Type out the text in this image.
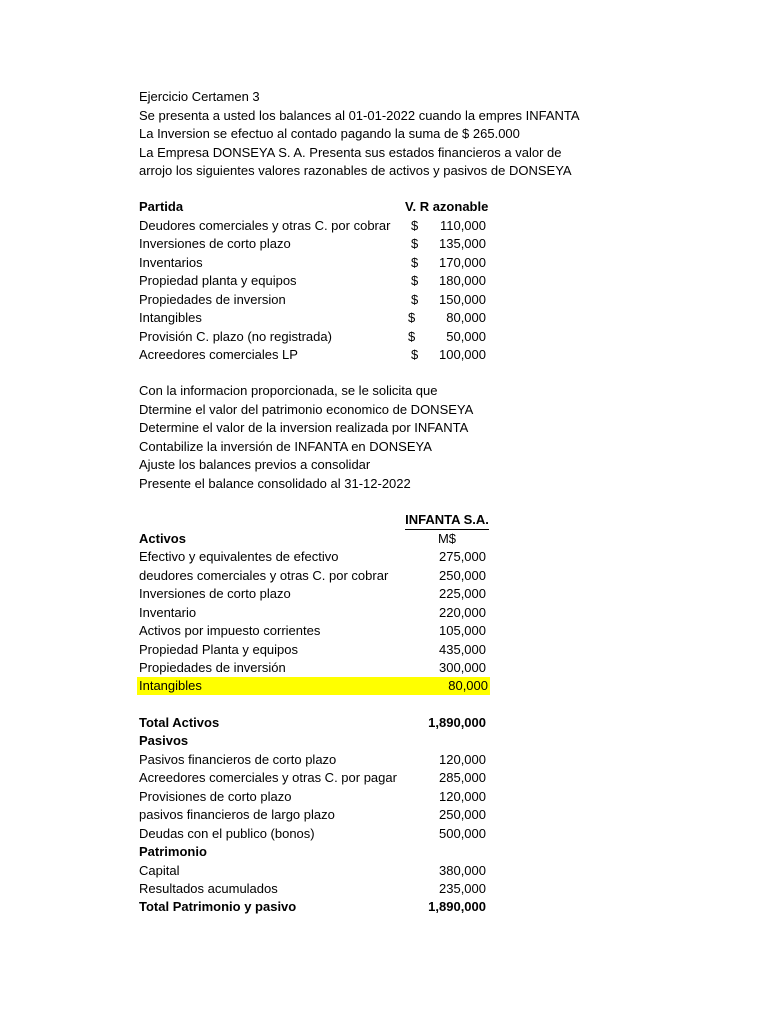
Ejercicio Certamen 3
Se presenta a usted los balances al 01-01-2022 cuando la empres INFANTA
La Inversion se efectuo al contado pagando la suma de $ 265.000
La Empresa DONSEYA S. A. Presenta sus estados financieros a valor de
arrojo los siguientes valores razonables de activos y pasivos de DONSEYA
Partida	V. R azonable
Deudores comerciales y otras C. por cobrar $ 110,000
Inversiones de corto plazo	$ 135,000
Inventarios	$ 170,000
Propiedad planta y equipos	$ 180,000
Propiedades de inversion	$ 150,000
Intangibles	$ 80,000
Provisión C. plazo (no registrada)	$ 50,000
Acreedores comerciales LP	$ 100,000
Con la informacion proporcionada, se le solicita que
Dtermine el valor del patrimonio economico de DONSEYA
Determine el valor de la inversion realizada por INFANTA
Contabilize la inversión de INFANTA en DONSEYA
Ajuste los balances previos a consolidar
Presente el balance consolidado al 31-12-2022
INFANTA S.A.
Activos	M$
Efectivo y equivalentes de efectivo	275,000
deudores comerciales y otras C. por cobrar	250,000
Inversiones de corto plazo	225,000
Inventario	220,000
Activos por impuesto corrientes	105,000
Propiedad Planta y equipos	435,000
Propiedades de inversión	300,000
Intangibles	80,000
Total Activos	1,890,000
Pasivos
Pasivos financieros de corto plazo	120,000
Acreedores comerciales y otras C. por pagar	285,000
Provisiones de corto plazo	120,000
pasivos financieros de largo plazo	250,000
Deudas con el publico (bonos)	500,000
Patrimonio
Capital	380,000
Resultados acumulados	235,000
Total Patrimonio y pasivo	1,890,000
